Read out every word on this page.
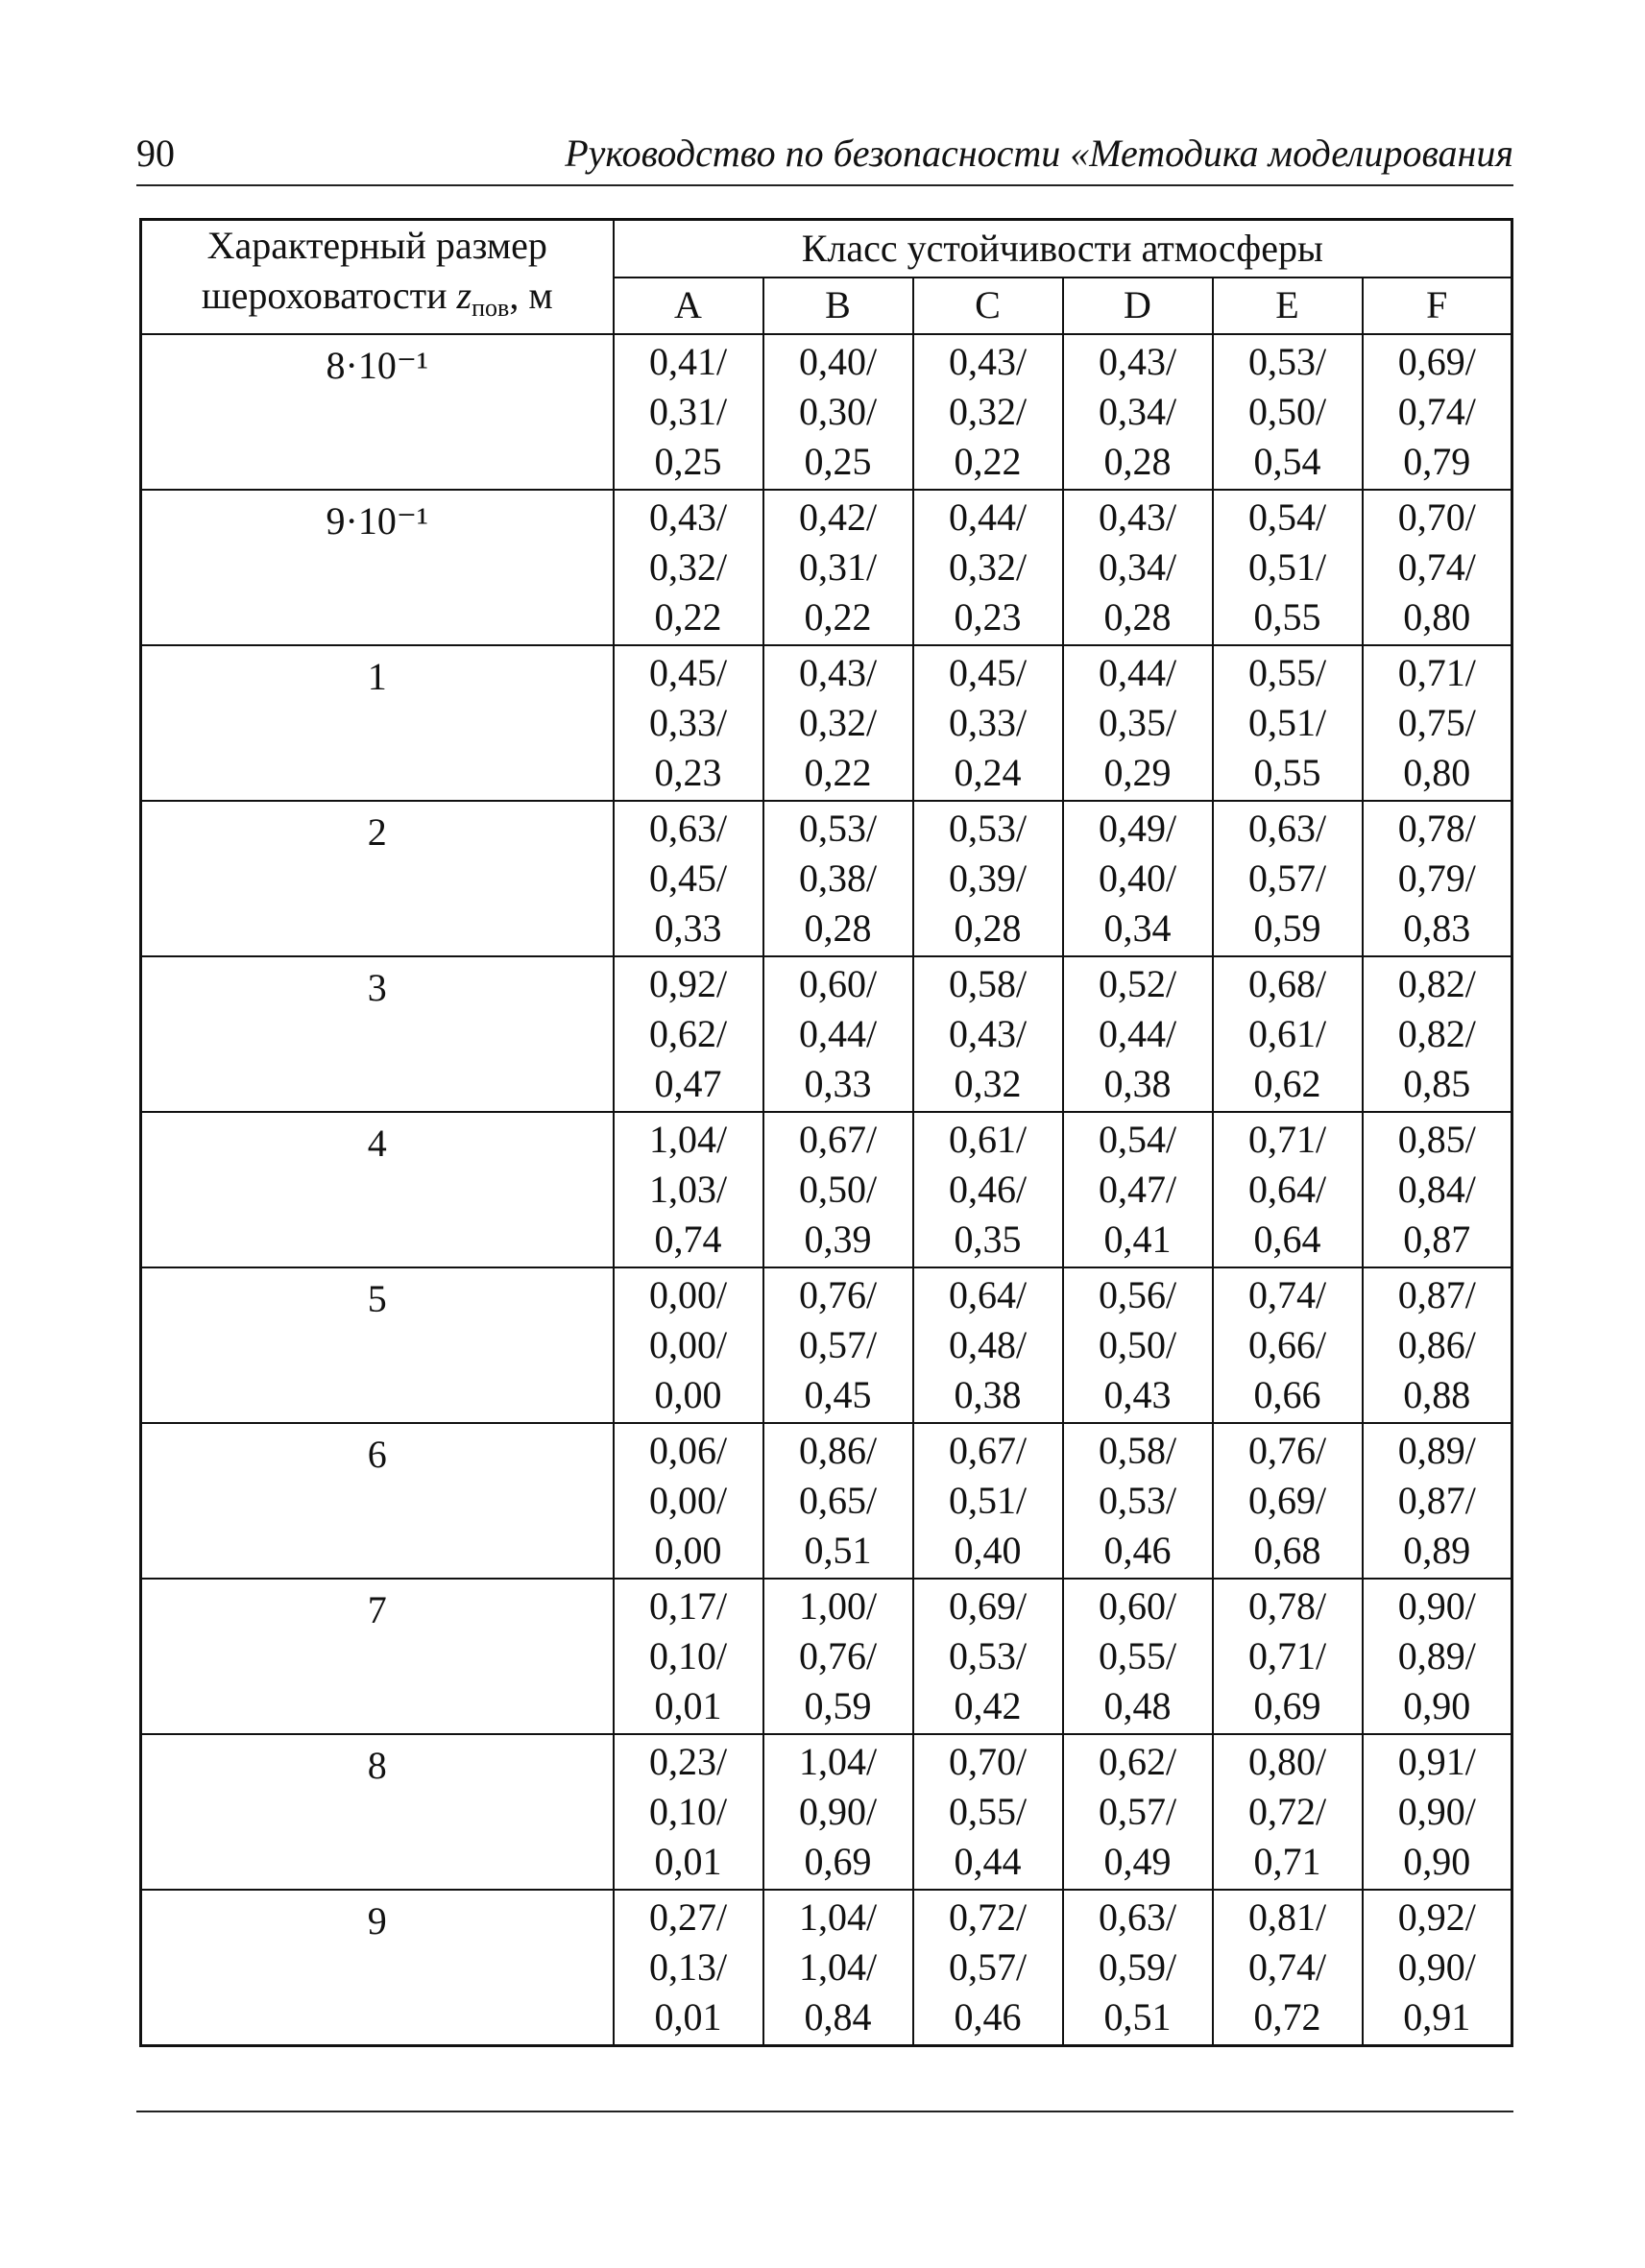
90	Руководство по безопасности «Методика моделирования
Характерный размер
шероховатости $z_{пов}$, м	Класс устойчивости атмосферы					
	A	B	C	D	E	F
8·10⁻¹	0,41/
0,31/
0,25	0,40/
0,30/
0,25	0,43/
0,32/
0,22	0,43/
0,34/
0,28	0,53/
0,50/
0,54	0,69/
0,74/
0,79

9·10⁻¹	0,43/
0,32/
0,22	0,42/
0,31/
0,22	0,44/
0,32/
0,23	0,43/
0,34/
0,28	0,54/
0,51/
0,55	0,70/
0,74/
0,80

1	0,45/
0,33/
0,23	0,43/
0,32/
0,22	0,45/
0,33/
0,24	0,44/
0,35/
0,29	0,55/
0,51/
0,55	0,71/
0,75/
0,80

2	0,63/
0,45/
0,33	0,53/
0,38/
0,28	0,53/
0,39/
0,28	0,49/
0,40/
0,34	0,63/
0,57/
0,59	0,78/
0,79/
0,83

3	0,92/
0,62/
0,47	0,60/
0,44/
0,33	0,58/
0,43/
0,32	0,52/
0,44/
0,38	0,68/
0,61/
0,62	0,82/
0,82/
0,85

4	1,04/
1,03/
0,74	0,67/
0,50/
0,39	0,61/
0,46/
0,35	0,54/
0,47/
0,41	0,71/
0,64/
0,64	0,85/
0,84/
0,87

5	0,00/
0,00/
0,00	0,76/
0,57/
0,45	0,64/
0,48/
0,38	0,56/
0,50/
0,43	0,74/
0,66/
0,66	0,87/
0,86/
0,88

6	0,06/
0,00/
0,00	0,86/
0,65/
0,51	0,67/
0,51/
0,40	0,58/
0,53/
0,46	0,76/
0,69/
0,68	0,89/
0,87/
0,89

7	0,17/
0,10/
0,01	1,00/
0,76/
0,59	0,69/
0,53/
0,42	0,60/
0,55/
0,48	0,78/
0,71/
0,69	0,90/
0,89/
0,90

8	0,23/
0,10/
0,01	1,04/
0,90/
0,69	0,70/
0,55/
0,44	0,62/
0,57/
0,49	0,80/
0,72/
0,71	0,91/
0,90/
0,90

9	0,27/
0,13/
0,01	1,04/
1,04/
0,84	0,72/
0,57/
0,46	0,63/
0,59/
0,51	0,81/
0,74/
0,72	0,92/
0,90/
0,91
